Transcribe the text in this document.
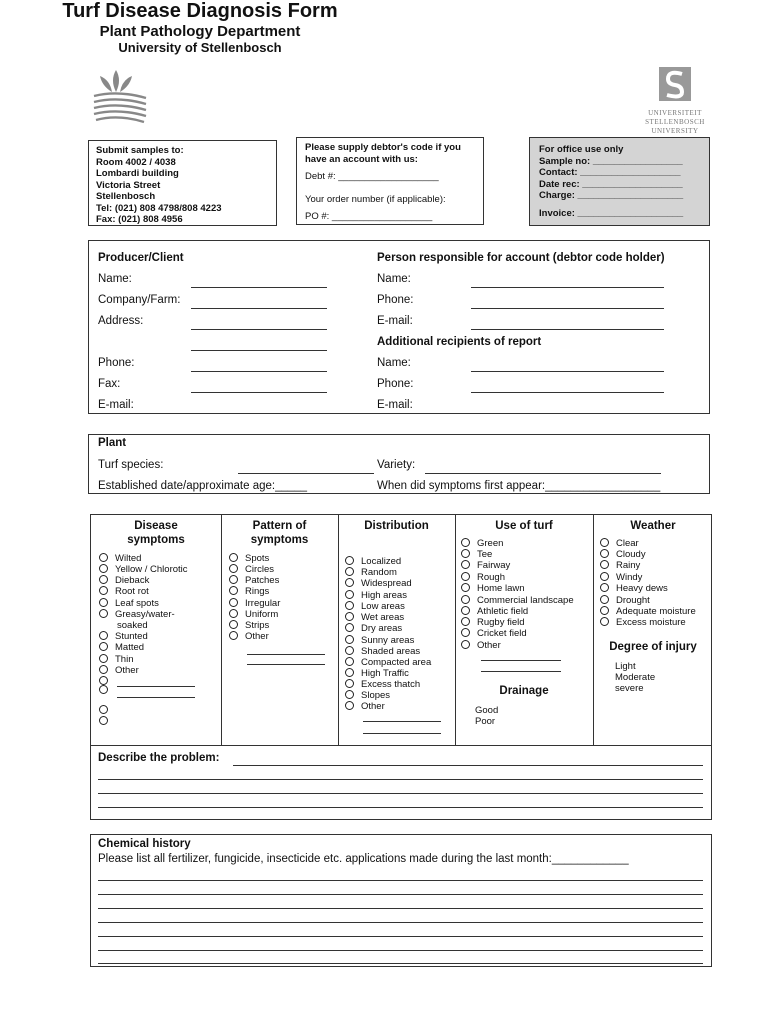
UNIVERSITEIT STELLENBOSCH UNIVERSITY
Turf Disease Diagnosis Form
Plant Pathology Department
University of Stellenbosch
Submit samples to:
Room 4002 / 4038
Lombardi building
Victoria Street
Stellenbosch
Tel: (021) 808 4798/808 4223
Fax: (021) 808 4956
Please supply debtor's code if you
have an account with us:
Debt #: ___________________
Your order number (if applicable):
PO #: ___________________
For office use only
Sample no: _________________
Contact: ___________________
Date rec: ___________________
Charge: ____________________
Invoice: ____________________
Producer/Client
Name:
Company/Farm:
Address:
Phone:
Fax:
E-mail:
Person responsible for account (debtor code holder)
Name:
Phone:
E-mail:
Additional recipients of report
Name:
Phone:
E-mail:
Plant
Turf species:	Variety:
Established date/approximate age:_____	When did symptoms first appear:__________________
Disease
symptoms
Wilted
Yellow / Chlorotic
Dieback
Root rot
Leaf spots
Greasy/water-
soaked
Stunted
Matted
Thin
Other
Pattern of
symptoms
Spots
Circles
Patches
Rings
Irregular
Uniform
Strips
Other
Distribution
Localized
Random
Widespread
High areas
Low areas
Wet areas
Dry areas
Sunny areas
Shaded areas
Compacted area
High Traffic
Excess thatch
Slopes
Other
Use of turf
Green
Tee
Fairway
Rough
Home lawn
Commercial landscape
Athletic field
Rugby field
Cricket field
Other
Drainage
Good
Poor
Weather
Clear
Cloudy
Rainy
Windy
Heavy dews
Drought
Adequate moisture
Excess moisture
Degree of injury
Light
Moderate
severe
Describe the problem:
Chemical history
Please list all fertilizer, fungicide, insecticide etc. applications made during the last month:____________
